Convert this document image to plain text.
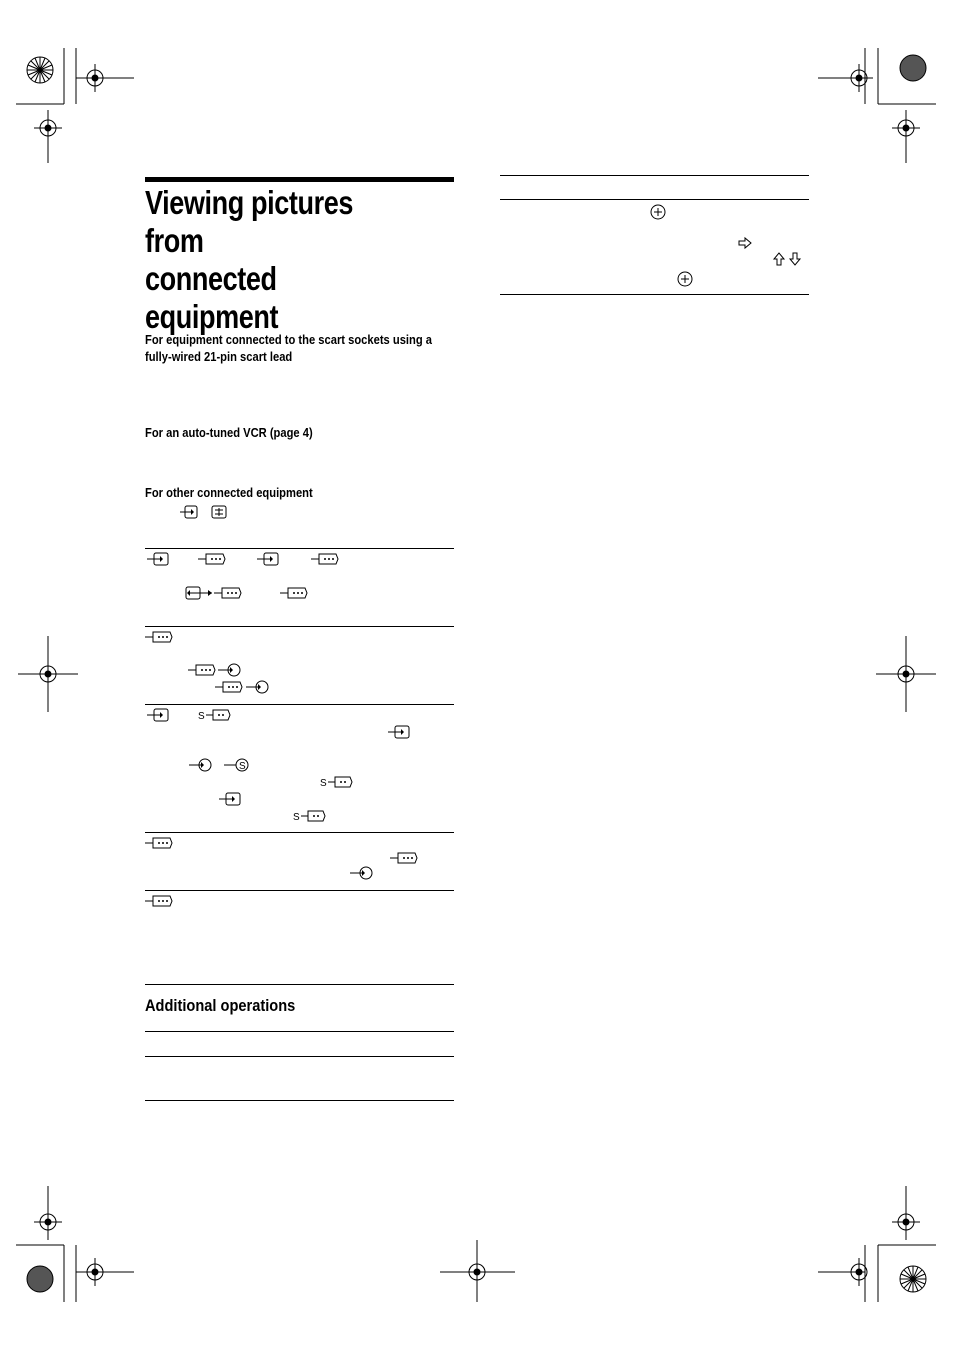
Viewing pictures from
connected equipment
For equipment connected to the scart sockets using a
fully-wired 21-pin scart lead
For an auto-tuned VCR (page 4)
For other connected equipment
S
S
S
S
Additional operations
